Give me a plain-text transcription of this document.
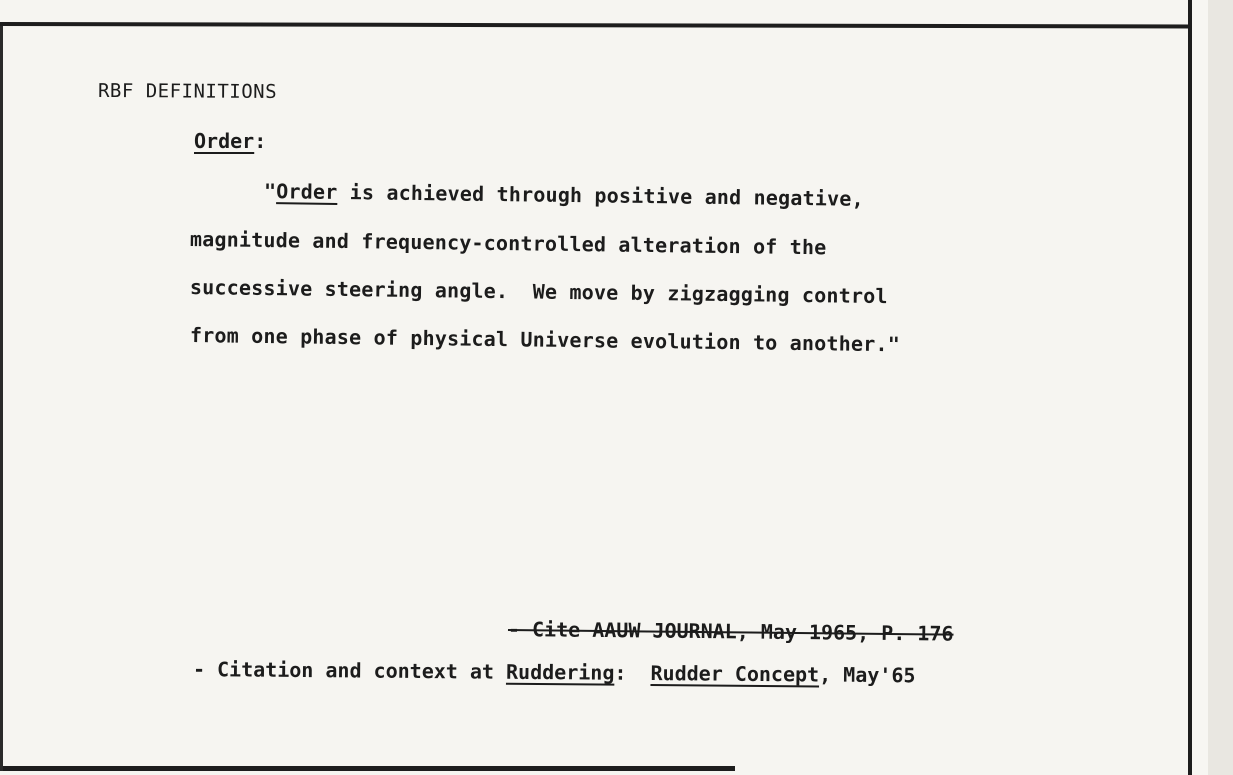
RBF DEFINITIONS
Order:
"Order is achieved through positive and negative,
magnitude and frequency-controlled alteration of the
successive steering angle.  We move by zigzagging control
from one phase of physical Universe evolution to another."
- Cite AAUW JOURNAL, May 1965, P. 176
- Citation and context at Ruddering:  Rudder Concept, May'65
